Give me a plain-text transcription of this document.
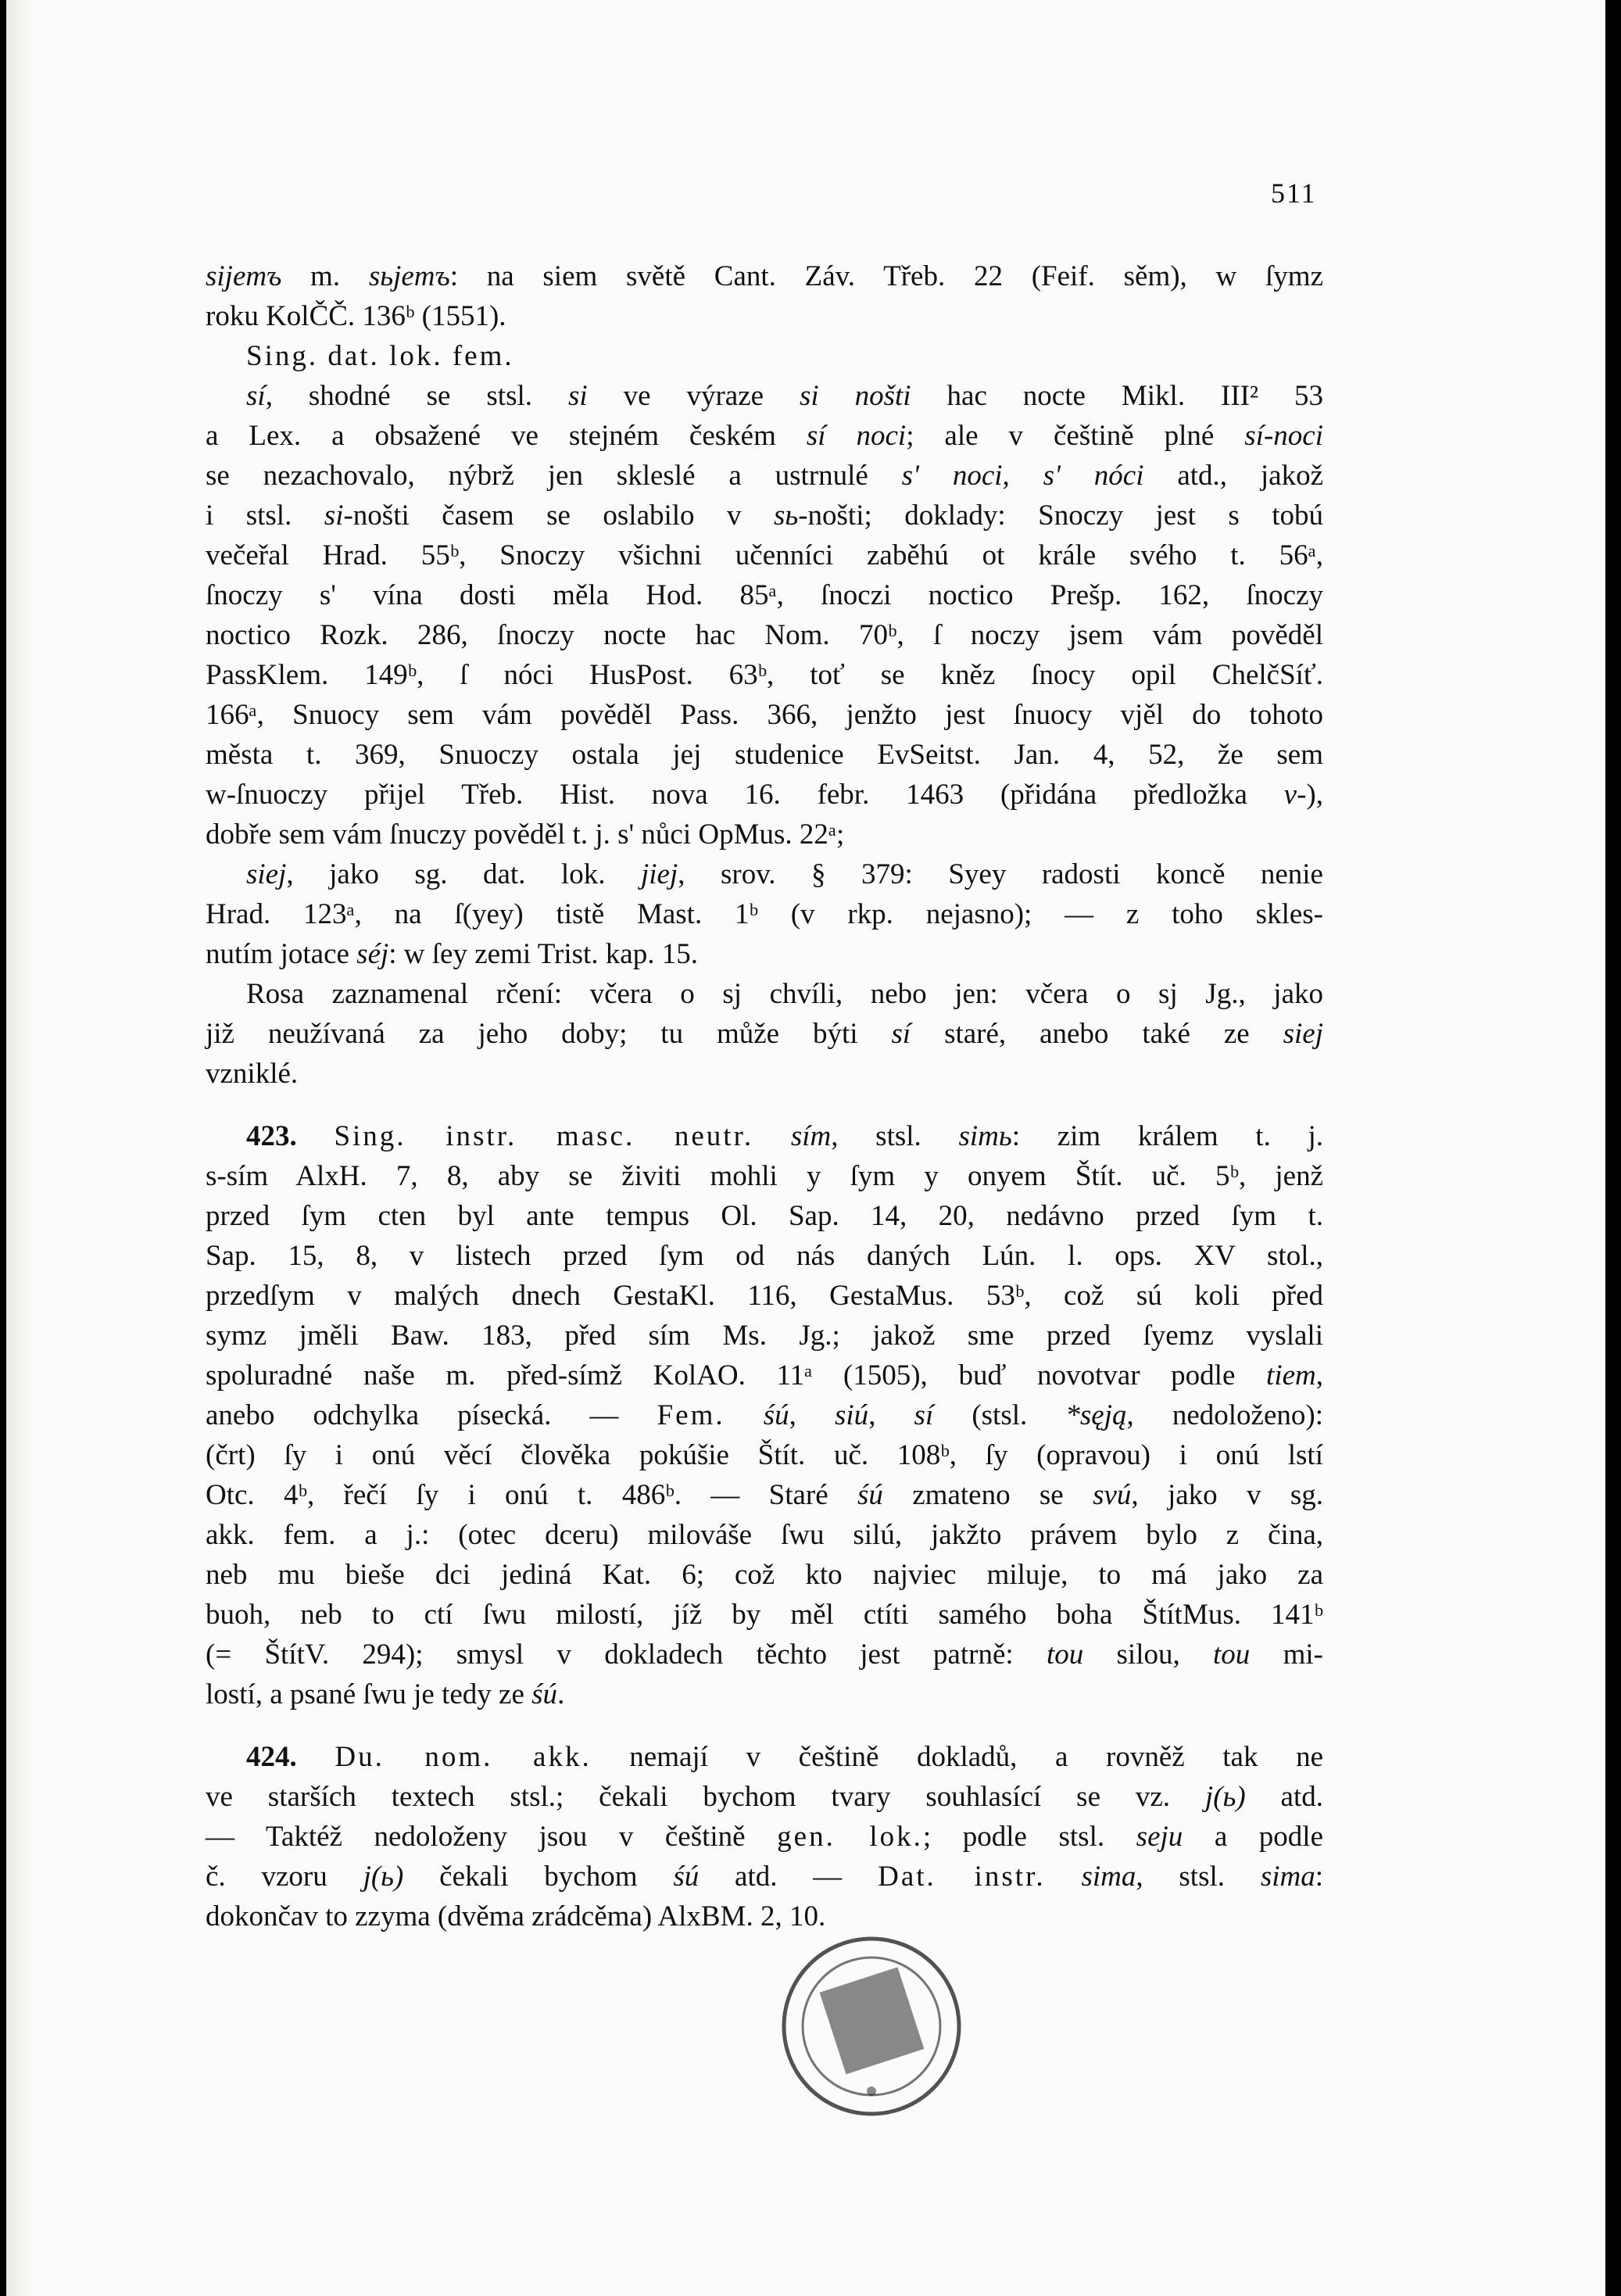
511
sijemъ m. sьjemъ: na siem světě Cant. Záv. Třeb. 22 (Feif. sěm), w ſymz
roku KolČČ. 136ᵇ (1551).
Sing. dat. lok. fem.
sí, shodné se stsl. si ve výraze si nošti hac nocte Mikl. III² 53
a Lex. a obsažené ve stejném českém sí noci; ale v češtině plné sí-noci
se nezachovalo, nýbrž jen skleslé a ustrnulé s' noci, s' nóci atd., jakož
i stsl. si-nošti časem se oslabilo v sь-nošti; doklady: Snoczy jest s tobú
večeřal Hrad. 55ᵇ, Snoczy všichni učenníci zaběhú ot krále svého t. 56ᵃ,
ſnoczy s' vína dosti měla Hod. 85ᵃ, ſnoczi noctico Prešp. 162, ſnoczy
noctico Rozk. 286, ſnoczy nocte hac Nom. 70ᵇ, ſ noczy jsem vám pověděl
PassKlem. 149ᵇ, ſ nóci HusPost. 63ᵇ, toť se kněz ſnocy opil ChelčSíť.
166ᵃ, Snuocy sem vám pověděl Pass. 366, jenžto jest ſnuocy vjěl do tohoto
města t. 369, Snuoczy ostala jej studenice EvSeitst. Jan. 4, 52, že sem
w-ſnuoczy přijel Třeb. Hist. nova 16. febr. 1463 (přidána předložka v-),
dobře sem vám ſnuczy pověděl t. j. s' nůci OpMus. 22ᵃ;
siej, jako sg. dat. lok. jiej, srov. § 379: Syey radosti koncě nenie
Hrad. 123ᵃ, na ſ(yey) tistě Mast. 1ᵇ (v rkp. nejasno); — z toho skles-
nutím jotace séj: w ſey zemi Trist. kap. 15.
Rosa zaznamenal rčení: včera o sj chvíli, nebo jen: včera o sj Jg., jako
již neužívaná za jeho doby; tu může býti sí staré, anebo také ze siej
vzniklé.
423. Sing. instr. masc. neutr. sím, stsl. simь: zim králem t. j.
s-sím AlxH. 7, 8, aby se živiti mohli y ſym y onyem Štít. uč. 5ᵇ, jenž
przed ſym cten byl ante tempus Ol. Sap. 14, 20, nedávno przed ſym t.
Sap. 15, 8, v listech przed ſym od nás daných Lún. l. ops. XV stol.,
przedſym v malých dnech GestaKl. 116, GestaMus. 53ᵇ, což sú koli před
symz jměli Baw. 183, před sím Ms. Jg.; jakož sme przed ſyemz vyslali
spoluradné naše m. před-símž KolAO. 11ᵃ (1505), buď novotvar podle tiem,
anebo odchylka písecká. — Fem. śú, siú, sí (stsl. *sęją, nedoloženo):
(črt) ſy i onú věcí člověka pokúšie Štít. uč. 108ᵇ, ſy (opravou) i onú lstí
Otc. 4ᵇ, řečí ſy i onú t. 486ᵇ. — Staré śú zmateno se svú, jako v sg.
akk. fem. a j.: (otec dceru) milováše ſwu silú, jakžto právem bylo z čina,
neb mu bieše dci jediná Kat. 6; což kto najviec miluje, to má jako za
buoh, neb to ctí ſwu milostí, jíž by měl ctíti samého boha ŠtítMus. 141ᵇ
(= ŠtítV. 294); smysl v dokladech těchto jest patrně: tou silou, tou mi-
lostí, a psané ſwu je tedy ze śú.
424. Du. nom. akk. nemají v češtině dokladů, a rovněž tak ne
ve starších textech stsl.; čekali bychom tvary souhlasící se vz. j(ь) atd.
— Taktéž nedoloženy jsou v češtině gen. lok.; podle stsl. seju a podle
č. vzoru j(ь) čekali bychom śú atd. — Dat. instr. sima, stsl. sima:
dokončav to zzyma (dvěma zrádcěma) AlxBM. 2, 10.
